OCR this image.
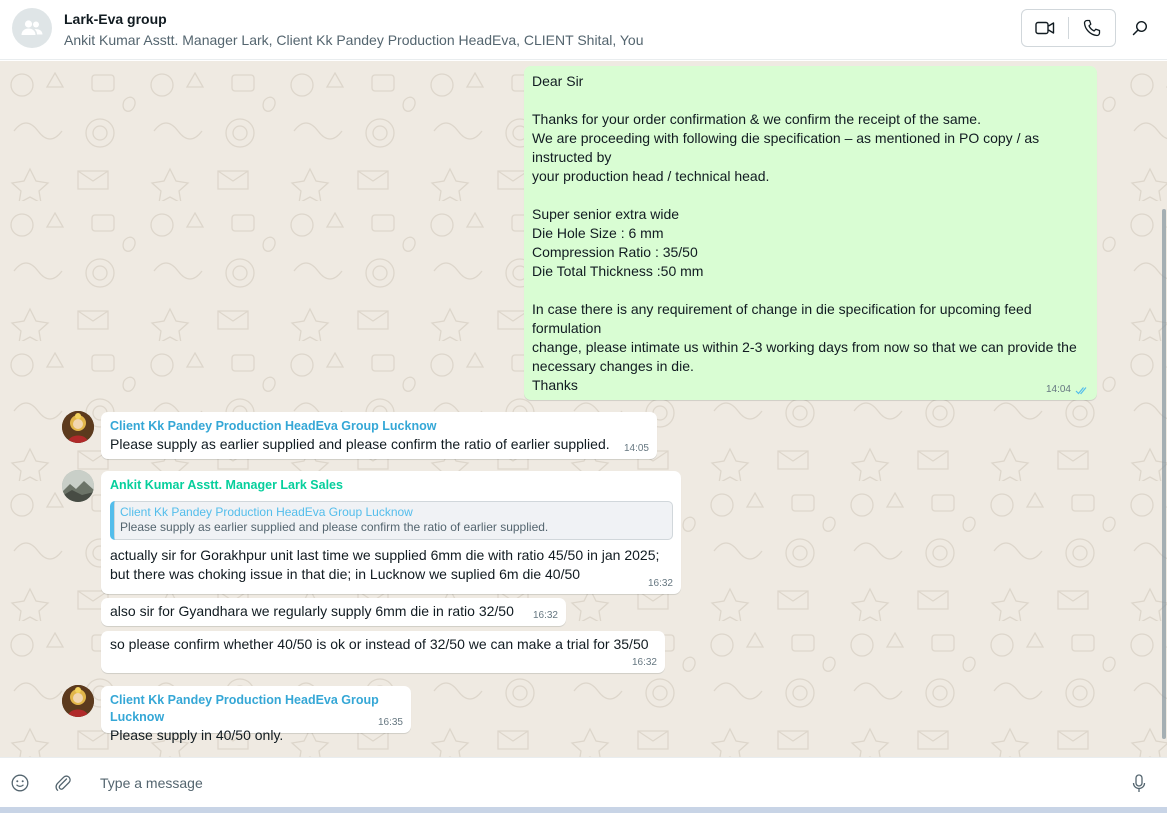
Lark-Eva group
Ankit Kumar Asstt. Manager Lark, Client Kk Pandey Production HeadEva, CLIENT Shital, You
Dear Sir
Thanks for your order confirmation & we confirm the receipt of the same.
We are proceeding with following die specification – as mentioned in PO copy / as instructed by
your production head / technical head.
Super senior extra wide
Die Hole Size : 6 mm
Compression Ratio : 35/50
Die Total Thickness :50 mm
In case there is any requirement of change in die specification for upcoming feed formulation
change, please intimate us within 2-3 working days from now so that we can provide the necessary changes in die.
Thanks	14:04
Client Kk Pandey Production HeadEva Group Lucknow
Please supply as earlier supplied and please confirm the ratio of earlier supplied.	14:05
Ankit Kumar Asstt. Manager Lark Sales
Client Kk Pandey Production HeadEva Group Lucknow
Please supply as earlier supplied and please confirm the ratio of earlier supplied.
actually sir for Gorakhpur unit last time we supplied 6mm die with ratio 45/50 in jan 2025;
but there was choking issue in that die; in Lucknow we suplied 6m die 40/50
16:32
also sir for Gyandhara we regularly supply 6mm die in ratio 32/50	16:32
so please confirm whether 40/50 is ok or instead of 32/50 we can make a trial for 35/50
16:32
Client Kk Pandey Production HeadEva Group Lucknow
Please supply in 40/50 only.
16:35
Type a message
